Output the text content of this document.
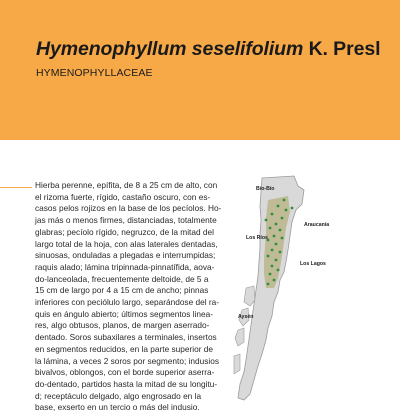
Hymenophyllum seselifolium K. Presl
HYMENOPHYLLACEAE
Hierba perenne, epífita, de 8 a 25 cm de alto, con
el rizoma fuerte, rígido, castaño oscuro, con es-
casos pelos rojizos en la base de los pecíolos. Ho-
jas más o menos firmes, distanciadas, totalmente
glabras; pecíolo rígido, negruzco, de la mitad del
largo total de la hoja, con alas laterales dentadas,
sinuosas, onduladas a plegadas e interrumpidas;
raquis alado; lámina tripinnada-pinnatífida, aova-
do-lanceolada, frecuentemente deltoide, de 5 a
15 cm de largo por 4 a 15 cm de ancho; pinnas
inferiores con peciólulo largo, separándose del ra-
quis en ángulo abierto; últimos segmentos linea-
res, algo obtusos, planos, de margen aserrado-
dentado. Soros subaxilares a terminales, insertos
en segmentos reducidos, en la parte superior de
la lámina, a veces 2 soros por segmento; indusios
bivalvos, oblongos, con el borde superior aserra-
do-dentado, partidos hasta la mitad de su longitu-
d; receptáculo delgado, algo engrosado en la
base, exserto en un tercio o más del indusio.
Bío-Bío
Araucanía
Los Ríos
Los Lagos
Aysén
